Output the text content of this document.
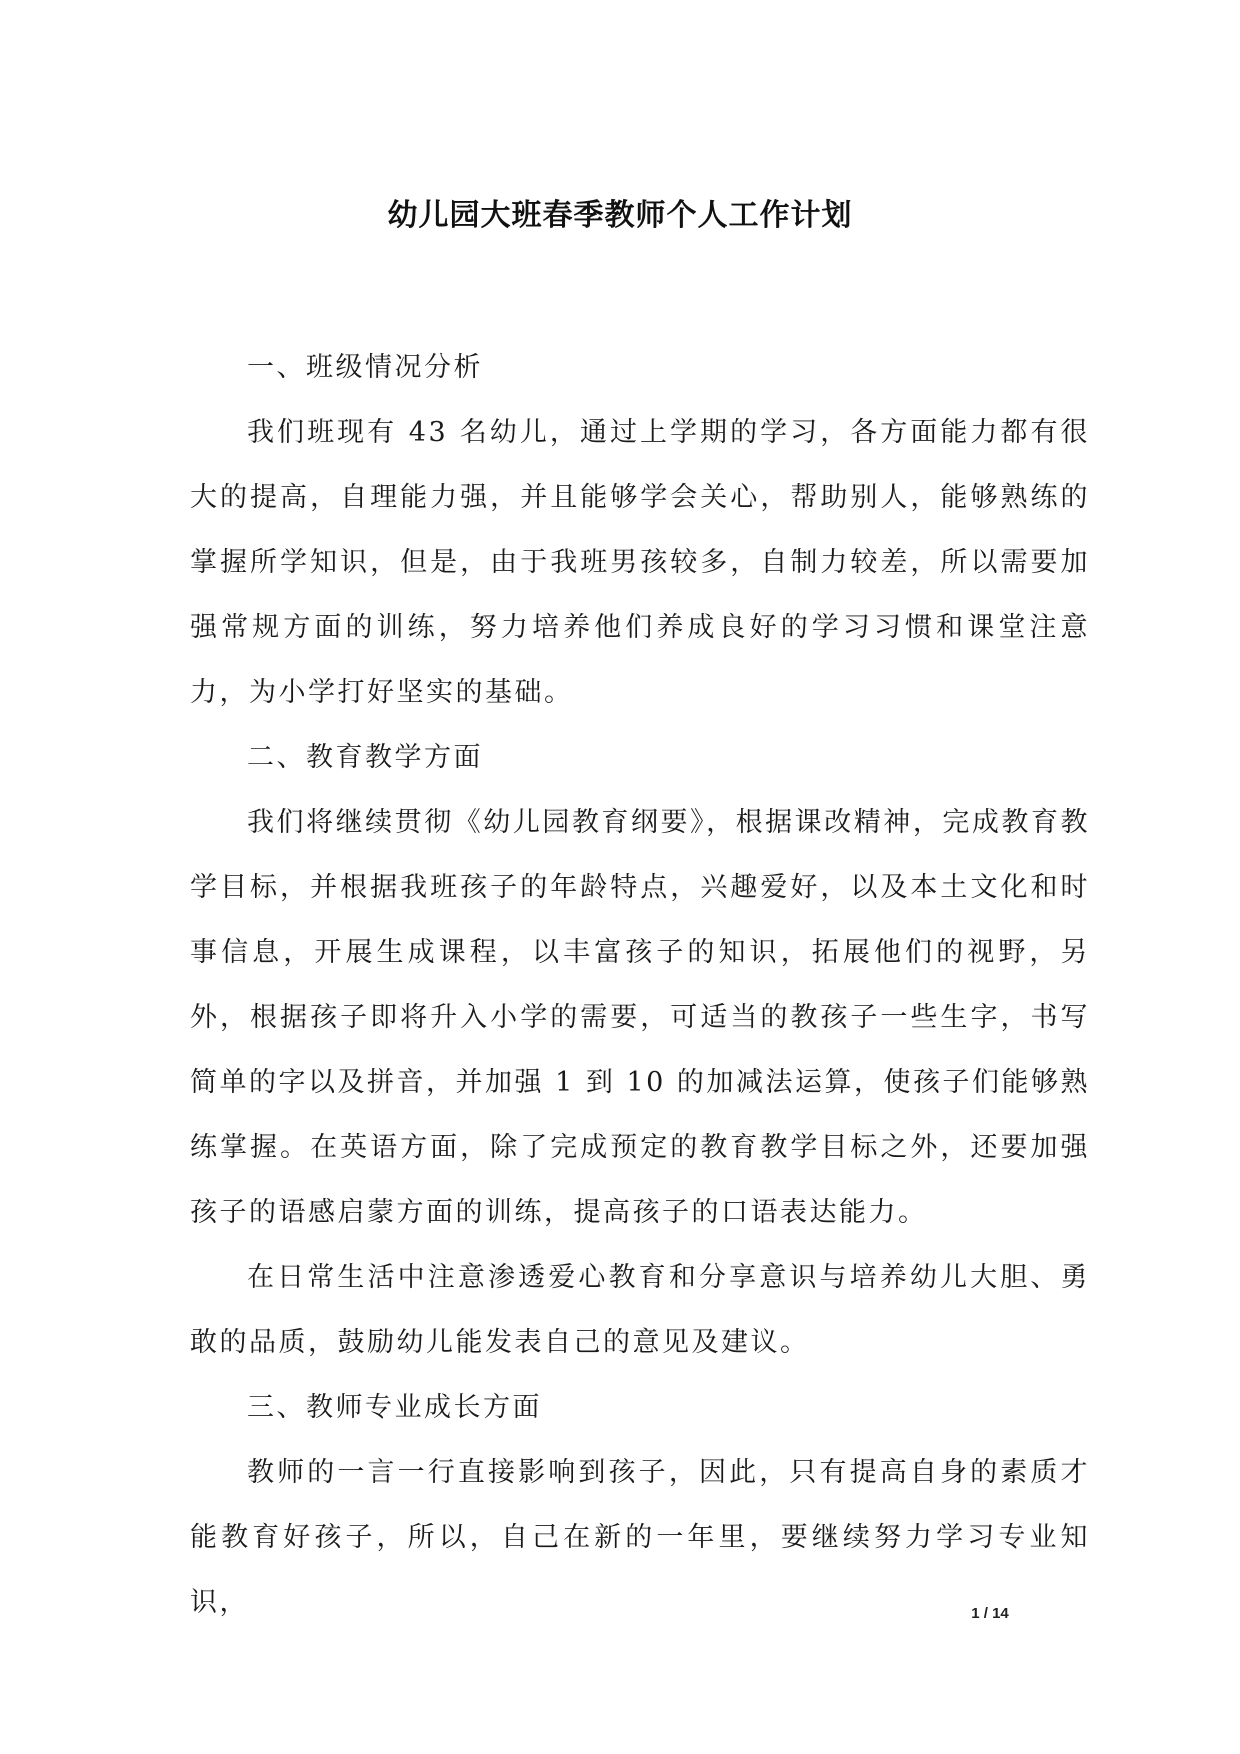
幼儿园大班春季教师个人工作计划

一、班级情况分析

我们班现有 43 名幼儿，通过上学期的学习，各方面能力都有很大的提高，自理能力强，并且能够学会关心，帮助别人，能够熟练的掌握所学知识，但是，由于我班男孩较多，自制力较差，所以需要加强常规方面的训练，努力培养他们养成良好的学习习惯和课堂注意力，为小学打好坚实的基础。

二、教育教学方面

我们将继续贯彻《幼儿园教育纲要》，根据课改精神，完成教育教学目标，并根据我班孩子的年龄特点，兴趣爱好，以及本土文化和时事信息，开展生成课程，以丰富孩子的知识，拓展他们的视野，另外，根据孩子即将升入小学的需要，可适当的教孩子一些生字，书写简单的字以及拼音，并加强 1 到 10 的加减法运算，使孩子们能够熟练掌握。在英语方面，除了完成预定的教育教学目标之外，还要加强孩子的语感启蒙方面的训练，提高孩子的口语表达能力。

在日常生活中注意渗透爱心教育和分享意识与培养幼儿大胆、勇敢的品质，鼓励幼儿能发表自己的意见及建议。

三、教师专业成长方面

教师的一言一行直接影响到孩子，因此，只有提高自身的素质才能教育好孩子，所以，自己在新的一年里，要继续努力学习专业知识，	1 / 14
